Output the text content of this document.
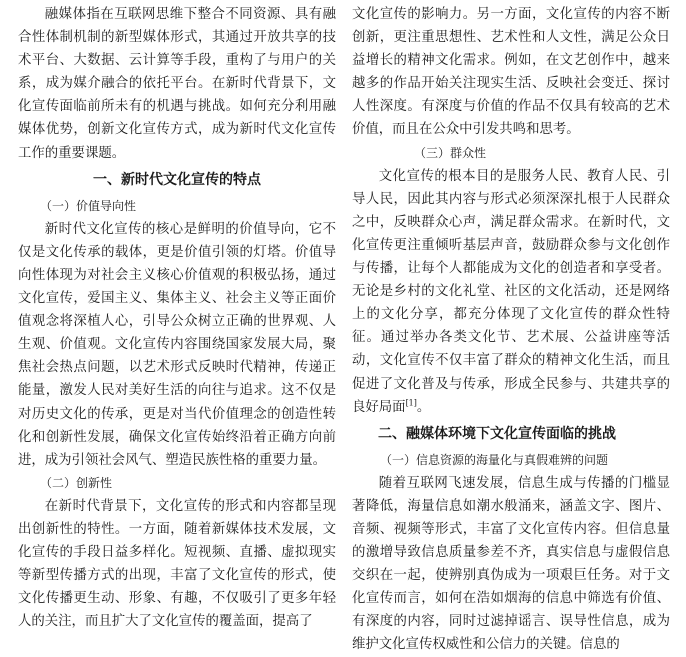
融媒体指在互联网思维下整合不同资源、具有融合性体制机制的新型媒体形式，其通过开放共享的技术平台、大数据、云计算等手段，重构了与用户的关系，成为媒介融合的依托平台。在新时代背景下，文化宣传面临前所未有的机遇与挑战。如何充分利用融媒体优势，创新文化宣传方式，成为新时代文化宣传工作的重要课题。

一、新时代文化宣传的特点
（一）价值导向性

新时代文化宣传的核心是鲜明的价值导向，它不仅是文化传承的载体，更是价值引领的灯塔。价值导向性体现为对社会主义核心价值观的积极弘扬，通过文化宣传，爱国主义、集体主义、社会主义等正面价值观念将深植人心，引导公众树立正确的世界观、人生观、价值观。文化宣传内容围绕国家发展大局，聚焦社会热点问题，以艺术形式反映时代精神，传递正能量，激发人民对美好生活的向往与追求。这不仅是对历史文化的传承，更是对当代价值理念的创造性转化和创新性发展，确保文化宣传始终沿着正确方向前进，成为引领社会风气、塑造民族性格的重要力量。

（二）创新性

在新时代背景下，文化宣传的形式和内容都呈现出创新性的特性。一方面，随着新媒体技术发展，文化宣传的手段日益多样化。短视频、直播、虚拟现实等新型传播方式的出现，丰富了文化宣传的形式，使文化传播更生动、形象、有趣，不仅吸引了更多年轻人的关注，而且扩大了文化宣传的覆盖面，提高了

文化宣传的影响力。另一方面，文化宣传的内容不断创新，更注重思想性、艺术性和人文性，满足公众日益增长的精神文化需求。例如，在文艺创作中，越来越多的作品开始关注现实生活、反映社会变迁、探讨人性深度。有深度与价值的作品不仅具有较高的艺术价值，而且在公众中引发共鸣和思考。

（三）群众性

文化宣传的根本目的是服务人民、教育人民、引导人民，因此其内容与形式必须深深扎根于人民群众之中，反映群众心声，满足群众需求。在新时代，文化宣传更注重倾听基层声音，鼓励群众参与文化创作与传播，让每个人都能成为文化的创造者和享受者。无论是乡村的文化礼堂、社区的文化活动，还是网络上的文化分享，都充分体现了文化宣传的群众性特征。通过举办各类文化节、艺术展、公益讲座等活动，文化宣传不仅丰富了群众的精神文化生活，而且促进了文化普及与传承，形成全民参与、共建共享的良好局面[1]。

二、融媒体环境下文化宣传面临的挑战
（一）信息资源的海量化与真假难辨的问题

随着互联网飞速发展，信息生成与传播的门槛显著降低，海量信息如潮水般涌来，涵盖文字、图片、音频、视频等形式，丰富了文化宣传内容。但信息量的激增导致信息质量参差不齐，真实信息与虚假信息交织在一起，使辨别真伪成为一项艰巨任务。对于文化宣传而言，如何在浩如烟海的信息中筛选有价值、有深度的内容，同时过滤掉谣言、误导性信息，成为维护文化宣传权威性和公信力的关键。信息的
